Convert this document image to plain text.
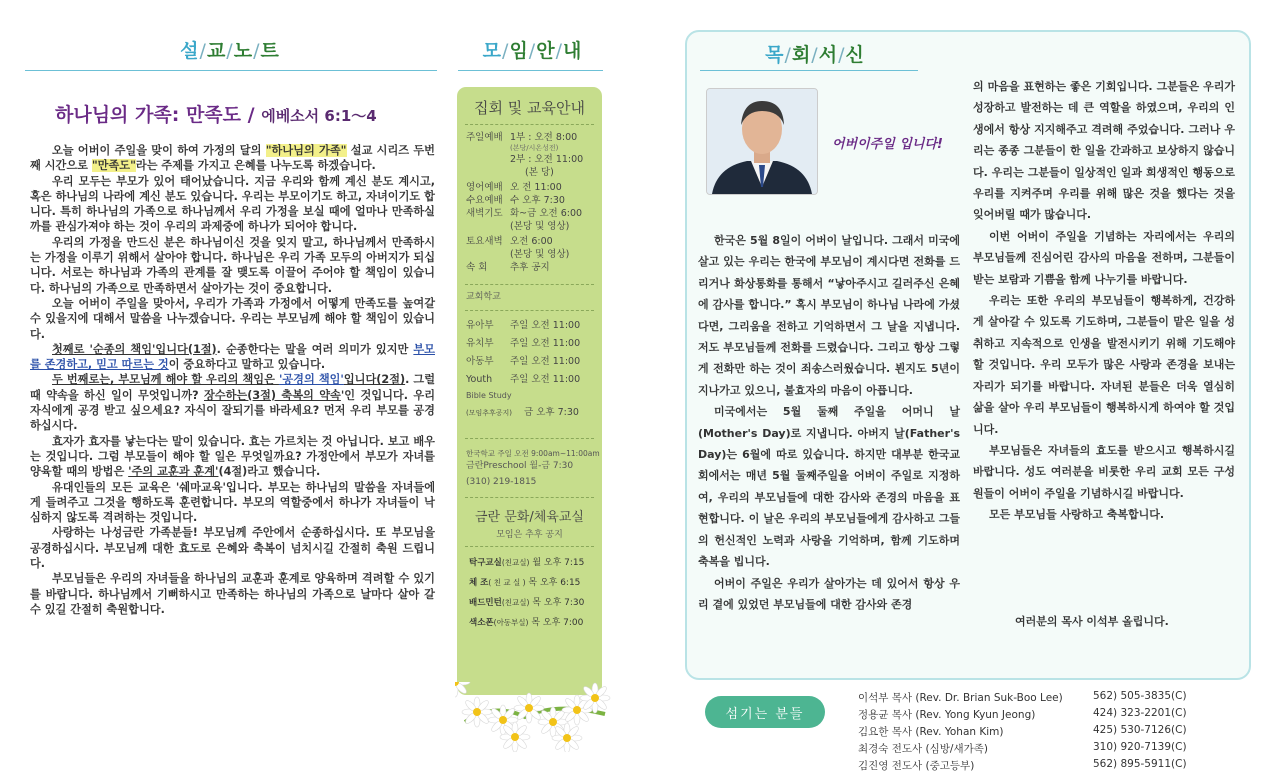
설/교/노/트	모/임/안/내
하나님의 가족: 만족도 / 에베소서 6:1～4

오늘 어버이 주일을 맞이 하여 가정의 달의 "하나님의 가족" 설교 시리즈 두번째 시간으로 "만족도"라는 주제를 가지고 은혜를 나누도록 하겠습니다.

우리 모두는 부모가 있어 태어났습니다. 지금 우리와 함께 계신 분도 계시고, 혹은 하나님의 나라에 계신 분도 있습니다. 우리는 부모이기도 하고, 자녀이기도 합니다. 특히 하나님의 가족으로 하나님께서 우리 가정을 보실 때에 얼마나 만족하실까를 관심가져야 하는 것이 우리의 과제중에 하나가 되어야 합니다.

우리의 가정을 만드신 분은 하나님이신 것을 잊지 말고, 하나님께서 만족하시는 가정을 이루기 위해서 살아야 합니다. 하나님은 우리 가족 모두의 아버지가 되십니다. 서로는 하나님과 가족의 관계를 잘 맺도록 이끌어 주어야 할 책임이 있습니다. 하나님의 가족으로 만족하면서 살아가는 것이 중요합니다.

오늘 어버이 주일을 맞아서, 우리가 가족과 가정에서 어떻게 만족도를 높여갈 수 있을지에 대해서 말씀을 나누겠습니다. 우리는 부모님께 해야 할 책임이 있습니다.

첫째로 '순종의 책임'입니다(1절). 순종한다는 말을 여러 의미가 있지만 부모를 존경하고, 믿고 따르는 것이 중요하다고 말하고 있습니다.

두 번째로는, 부모님께 해야 할 우리의 책임은 '공경의 책임'입니다(2절). 그럴 때 약속을 하신 일이 무엇입니까? 장수하는(3절) 축복의 약속'인 것입니다. 우리 자식에게 공경 받고 싶으세요? 자식이 잘되기를 바라세요? 먼저 우리 부모를 공경하십시다.

효자가 효자를 낳는다는 말이 있습니다. 효는 가르치는 것 아닙니다. 보고 배우는 것입니다. 그럼 부모들이 해야 할 일은 무엇일까요? 가정안에서 부모가 자녀를 양육할 때의 방법은 '주의 교훈과 훈계'(4절)라고 했습니다.

유대인들의 모든 교육은 '쉐마교육'입니다. 부모는 하나님의 말씀을 자녀들에게 들려주고 그것을 행하도록 훈련합니다. 부모의 역할중에서 하나가 자녀들이 낙심하지 않도록 격려하는 것입니다.

사랑하는 나성금란 가족분들! 부모님께 주안에서 순종하십시다. 또 부모님을 공경하십시다. 부모님께 대한 효도로 은혜와 축복이 넘치시길 간절히 축원 드립니다.

부모님들은 우리의 자녀들을 하나님의 교훈과 훈계로 양육하며 격려할 수 있기를 바랍니다. 하나님께서 기뻐하시고 만족하는 하나님의 가족으로 날마다 살아 갈 수 있길 간절히 축원합니다.

집회 및 교육안내
주일예배 1부 : 오전 8:00
(본당/시온성전)
2부 : 오전 11:00
(본 당)
영어예배 오 전 11:00
수요예배 수 오후 7:30
새벽기도 화~금 오전 6:00
(본당 및 영상)
토요새벽 오전 6:00
(본당 및 영상)
속 회	추후 공지
교회학교
유아부	주일 오전 11:00
유치부	주일 오전 11:00
아동부	주일 오전 11:00
Youth	주일 오전 11:00
Bible Study
(모임추후공지)	금 오후 7:30
한국학교 주일 오전 9:00am~11:00am
금란Preschool 월-금 7:30
(310) 219-1815
금란 문화/체육교실
모임은 추후 공지
탁구교실(친교실) 월 오후 7:15
체 조( 친 교 실 ) 목 오후 6:15
배드민턴(친교실) 목 오후 7:30
색소폰(아동부실) 목 오후 7:00
목/회/서/신
어버이주일 입니다!

한국은 5월 8일이 어버이 날입니다. 그래서 미국에 살고 있는 우리는 한국에 부모님이 계시다면 전화를 드리거나 화상통화를 통해서 “낳아주시고 길러주신 은혜에 감사를 합니다.” 혹시 부모님이 하나님 나라에 가셨다면, 그리움을 전하고 기억하면서 그 날을 지냅니다. 저도 부모님들께 전화를 드렸습니다. 그리고 항상 그렇게 전화만 하는 것이 죄송스러웠습니다. 뵌지도 5년이 지나가고 있으니, 불효자의 마음이 아픕니다.

미국에서는 5월 둘째 주일을 어머니 날 (Mother's Day)로 지냅니다. 아버지 날(Father's Day)는 6월에 따로 있습니다. 하지만 대부분 한국교회에서는 매년 5월 둘째주일을 어버이 주일로 지정하여, 우리의 부모님들에 대한 감사와 존경의 마음을 표현합니다. 이 날은 우리의 부모님들에게 감사하고 그들의 헌신적인 노력과 사랑을 기억하며, 함께 기도하며 축복을 빕니다.

어버이 주일은 우리가 살아가는 데 있어서 항상 우리 곁에 있었던 부모님들에 대한 감사와 존경

의 마음을 표현하는 좋은 기회입니다. 그분들은 우리가 성장하고 발전하는 데 큰 역할을 하였으며, 우리의 인생에서 항상 지지해주고 격려해 주었습니다. 그러나 우리는 종종 그분들이 한 일을 간과하고 보상하지 않습니다. 우리는 그분들이 일상적인 일과 희생적인 행동으로 우리를 지켜주며 우리를 위해 많은 것을 했다는 것을 잊어버릴 때가 많습니다.

이번 어버이 주일을 기념하는 자리에서는 우리의 부모님들께 진심어린 감사의 마음을 전하며, 그분들이 받는 보람과 기쁨을 함께 나누기를 바랍니다.

우리는 또한 우리의 부모님들이 행복하게, 건강하게 살아갈 수 있도록 기도하며, 그분들이 맡은 일을 성취하고 지속적으로 인생을 발전시키기 위해 기도해야 할 것입니다. 우리 모두가 많은 사랑과 존경을 보내는 자리가 되기를 바랍니다. 자녀된 분들은 더욱 열심히 삶을 살아 우리 부모님들이 행복하시게 하여야 할 것입니다.

부모님들은 자녀들의 효도를 받으시고 행복하시길 바랍니다. 성도 여러분을 비롯한 우리 교회 모든 구성원들이 어버이 주일을 기념하시길 바랍니다.

모든 부모님들 사랑하고 축복합니다.

여러분의 목사 이석부 올립니다.
섬기는 분들
이석부 목사 (Rev. Dr. Brian Suk-Boo Lee)	562) 505-3835(C)
정용균 목사 (Rev. Yong Kyun Jeong)	424) 323-2201(C)
김요한 목사 (Rev. Yohan Kim)	425) 530-7126(C)
최경숙 전도사 (심방/새가족)	310) 920-7139(C)
김진영 전도사 (중고등부)	562) 895-5911(C)
